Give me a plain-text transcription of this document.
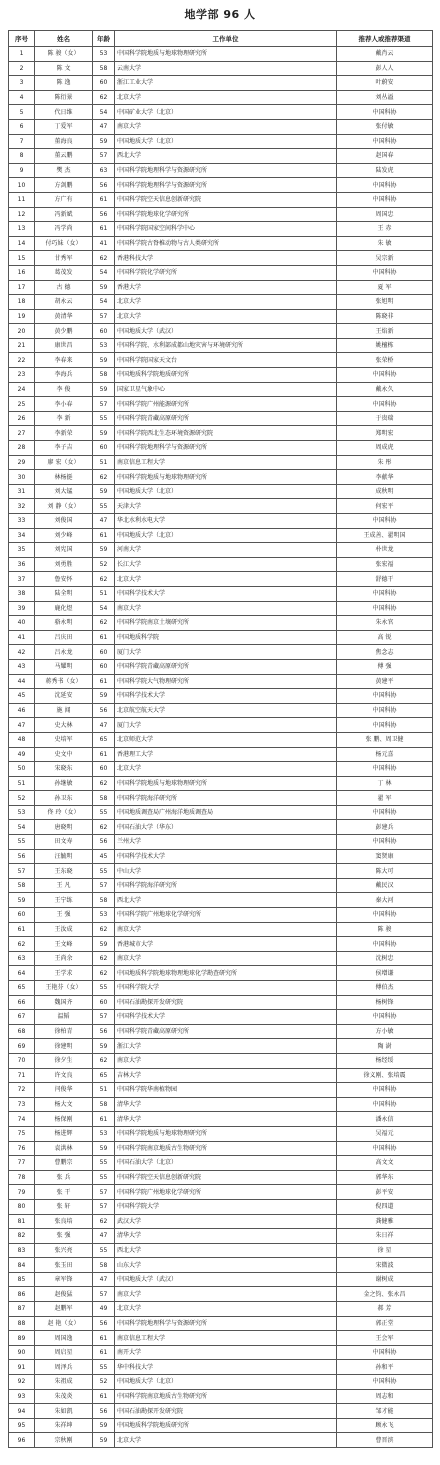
地学部 96 人
序号	姓名	年龄	工作单位	推荐人或推荐渠道
1	陈 骏（女）	53	中国科学院地质与地球物理研究所	戴肖云
2	陈 文	58	云南大学	彭人人
3	陈 逸	60	浙江工业大学	叶蔚安
4	陈衍景	62	北京大学	刘丛溢
5	代日维	54	中国矿业大学（北京）	中国科协
6	丁爱军	47	南京大学	张付敏
7	董海良	59	中国地质大学（北京）	中国科协
8	董云鹏	57	西北大学	赵国春
9	樊 杰	63	中国科学院地理科学与资源研究所	陆发虎
10	方剑鹏	56	中国科学院地理科学与资源研究所	中国科协
11	方广有	61	中国科学院空天信息创新研究院	中国科协
12	冯新斌	56	中国科学院地球化学研究所	周国忠
13	冯学尚	61	中国科学院国家空间科学中心	王 赤
14	付巧妹（女）	41	中国科学院古脊椎动物与古人类研究所	朱 敏
15	甘秀军	62	香港科技大学	吴宗新
16	葛茂发	54	中国科学院化学研究所	中国科协
17	古 德	59	香港大学	夏 军
18	胡永云	54	北京大学	张旭明
19	黄清华	57	北京大学	陈晓非
20	黄少鹏	60	中国地质大学（武汉）	王焰新
21	康世昌	53	中国科学院、水利部成都山地灾害与环境研究所	姚檀栋
22	李春来	59	中国科学院国家天文台	张荣桥
23	李海兵	58	中国地质科学院地质研究所	中国科协
24	李 俊	59	国家卫星气象中心	戴永久
25	李小春	57	中国科学院广州能源研究所	中国科协
26	李 新	55	中国科学院青藏高原研究所	于贵瑞
27	李新荣	59	中国科学院西北生态环境资源研究院	郑明宏
28	李子吉	60	中国科学院地理科学与资源研究所	周成虎
29	廖 宏（女）	51	南京信息工程大学	朱 彤
30	林杨挺	62	中国科学院地质与地球物理研究所	李献华
31	刘大锰	59	中国地质大学（北京）	成秋明
32	刘 静（女）	55	天津大学	何宏平
33	刘俊国	47	华北水利水电大学	中国科协
34	刘少峰	61	中国地质大学（北京）	王成善、翟明国
35	刘宪国	59	河南大学	朴世龙
36	刘勇胜	52	长江大学	张宏福
37	鲁安怀	62	北京大学	舒德干
38	陆全明	51	中国科学技术大学	中国科协
39	鹿化煜	54	南京大学	中国科协
40	骆永明	62	中国科学院南京土壤研究所	朱永官
41	吕庆田	61	中国地质科学院	高 锐
42	吕永龙	60	厦门大学	焦念志
43	马耀明	60	中国科学院青藏高原研究所	傅 强
44	蒋秀书（女）	61	中国科学院大气物理研究所	黄建平
45	沈延安	59	中国科学技术大学	中国科协
46	施 闻	56	北京航空航天大学	中国科协
47	史大林	47	厦门大学	中国科协
48	史培军	65	北京师范大学	张 鹏、周卫健
49	史文中	61	香港理工大学	杨元喜
50	宋晓东	60	北京大学	中国科协
51	孙继敏	62	中国科学院地质与地球物理研究所	丁 林
52	孙卫东	58	中国科学院海洋研究所	翟 军
53	佟 玲（女）	55	中国地质调查局广州海洋地质调查局	中国科协
54	唐晓明	62	中国石油大学（华东）	彭建兵
55	田文寿	56	兰州大学	中国科协
56	汪毓明	45	中国科学技术大学	窦贤康
57	王东晓	55	中山大学	陈大可
58	王 凡	57	中国科学院海洋研究所	戴民汉
59	王宁练	58	西北大学	秦大河
60	王 强	53	中国科学院广州地球化学研究所	中国科协
61	王汝成	62	南京大学	陈 骏
62	王文峰	59	香港城市大学	中国科协
63	王尚余	62	南京大学	沈树忠
64	王学求	62	中国地质科学院地球物理地球化学勘查研究所	侯增谦
65	王艳芬（女）	55	中国科学院大学	傅伯杰
66	魏国齐	60	中国石油勘探开发研究院	杨树锋
67	温韬	57	中国科学技术大学	中国科协
68	徐柏青	56	中国科学院青藏高原研究所	方小敏
69	徐建明	59	浙江大学	陶 澍
70	徐夕生	62	南京大学	杨经绥
71	许文良	65	吉林大学	徐义刚、张培震
72	闫俊华	51	中国科学院华南植物园	中国科协
73	杨大文	58	清华大学	中国科协
74	杨保刚	61	清华大学	潘永信
75	杨进辉	53	中国科学院地质与地球物理研究所	吴福元
76	袁洪林	59	中国科学院南京地质古生物研究所	中国科协
77	曹鹏宗	55	中国石油大学（北京）	高文文
78	张 兵	55	中国科学院空天信息创新研究院	郭华东
79	张 干	57	中国科学院广州地球化学研究所	彭平安
80	张 轩	57	中国科学院大学	倪四道
81	张良培	62	武汉大学	龚健雅
82	张 强	47	清华大学	朱日祥
83	张兴亮	55	西北大学	徐 星
84	张玉田	58	山东大学	宋微波
85	章军锋	47	中国地质大学（武汉）	谢树成
86	赵俊猛	57	南京大学	金之钧、张永昌
87	赵鹏军	49	北京大学	郝 芳
88	赵 艳（女）	56	中国科学院地理科学与资源研究所	郭正堂
89	周国逸	61	南京信息工程大学	王会军
90	周启星	61	南开大学	中国科协
91	周泽兵	55	华中科技大学	孙和平
92	朱祖成	52	中国地质大学（北京）	中国科协
93	朱茂炎	61	中国科学院南京地质古生物研究所	周志和
94	朱如凯	56	中国石油勘探开发研究院	邹才能
95	朱祥坤	59	中国地质科学院地质研究所	顾永飞
96	宗秋刚	59	北京大学	曹晋滨
